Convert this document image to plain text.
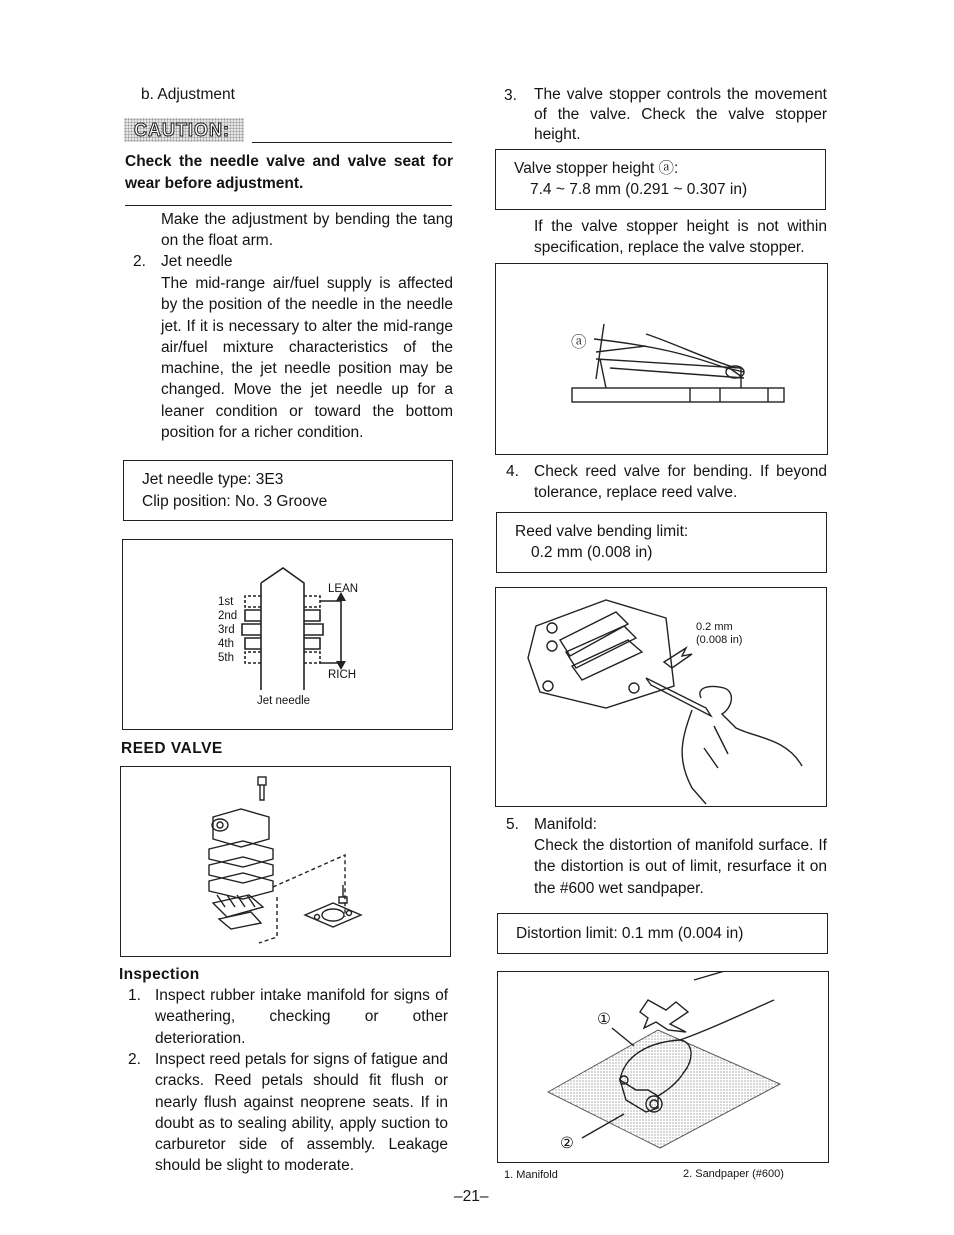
b. Adjustment
CAUTION:
Check the needle valve and valve seat for wear before adjustment.
Make the adjustment by bending the tang on the float arm.
2. Jet needle
The mid-range air/fuel supply is affected by the position of the needle in the needle jet. If it is necessary to alter the mid-range air/fuel mixture characteristics of the machine, the jet needle position may be changed. Move the jet needle up for a leaner condition or toward the bottom position for a richer condition.
Jet needle type: 3E3
Clip position: No. 3 Groove
1st
2nd
3rd
4th
5th
LEAN
RICH
Jet needle
REED VALVE
Inspection
1. Inspect rubber intake manifold for signs of weathering, checking or other deterioration.
2. Inspect reed petals for signs of fatigue and cracks. Reed petals should fit flush or nearly flush against neoprene seats. If in doubt as to sealing ability, apply suction to carburetor side of assembly. Leakage should be slight to moderate.
3. The valve stopper controls the movement of the valve. Check the valve stopper height.
Valve stopper height ⓐ:
7.4 ~ 7.8 mm (0.291 ~ 0.307 in)
If the valve stopper height is not within specification, replace the valve stopper.
ⓐ
4. Check reed valve for bending. If beyond tolerance, replace reed valve.
Reed valve bending limit:
0.2 mm (0.008 in)
0.2 mm
(0.008 in)
5. Manifold:
Check the distortion of manifold surface. If the distortion is out of limit, resurface it on the #600 wet sandpaper.
Distortion limit: 0.1 mm (0.004 in)
①
②
1. Manifold	2. Sandpaper (#600)
–21–
